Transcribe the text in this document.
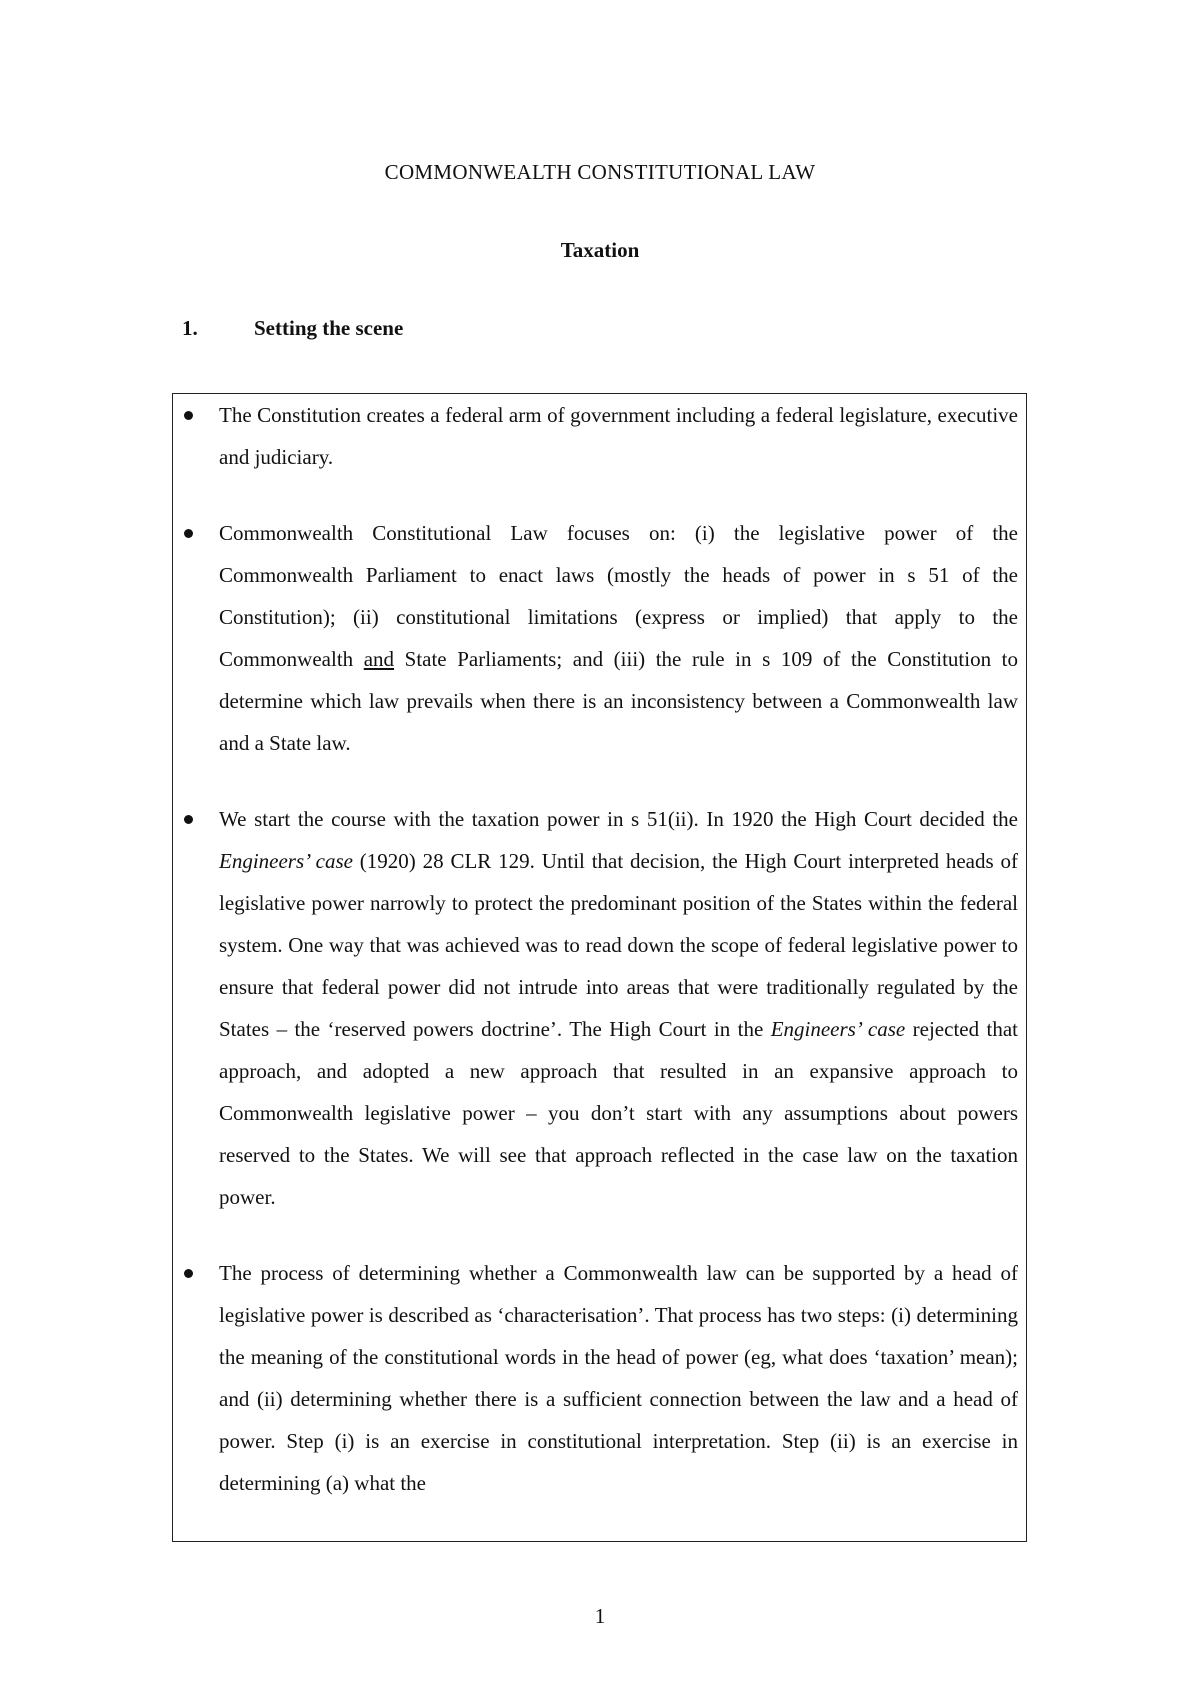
COMMONWEALTH CONSTITUTIONAL LAW
Taxation
1.	Setting the scene
The Constitution creates a federal arm of government including a federal legislature, executive and judiciary.
Commonwealth Constitutional Law focuses on: (i) the legislative power of the Commonwealth Parliament to enact laws (mostly the heads of power in s 51 of the Constitution); (ii) constitutional limitations (express or implied) that apply to the Commonwealth and State Parliaments; and (iii) the rule in s 109 of the Constitution to determine which law prevails when there is an inconsistency between a Commonwealth law and a State law.
We start the course with the taxation power in s 51(ii). In 1920 the High Court decided the Engineers’ case (1920) 28 CLR 129. Until that decision, the High Court interpreted heads of legislative power narrowly to protect the predominant position of the States within the federal system. One way that was achieved was to read down the scope of federal legislative power to ensure that federal power did not intrude into areas that were traditionally regulated by the States – the ‘reserved powers doctrine’. The High Court in the Engineers’ case rejected that approach, and adopted a new approach that resulted in an expansive approach to Commonwealth legislative power – you don’t start with any assumptions about powers reserved to the States. We will see that approach reflected in the case law on the taxation power.
The process of determining whether a Commonwealth law can be supported by a head of legislative power is described as ‘characterisation’. That process has two steps: (i) determining the meaning of the constitutional words in the head of power (eg, what does ‘taxation’ mean); and (ii) determining whether there is a sufficient connection between the law and a head of power. Step (i) is an exercise in constitutional interpretation. Step (ii) is an exercise in determining (a) what the
1
